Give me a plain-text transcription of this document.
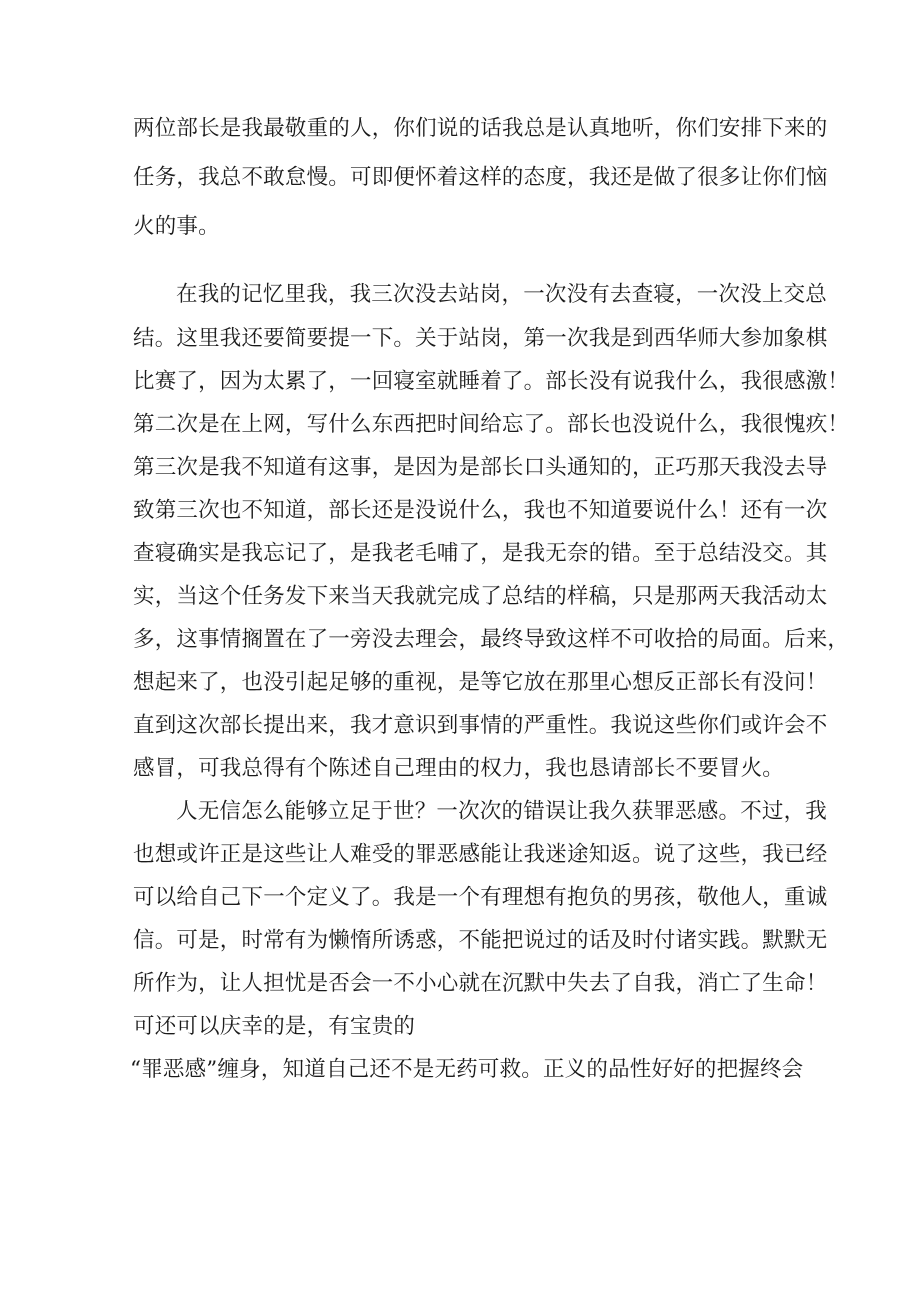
两位部长是我最敬重的人，你们说的话我总是认真地听，你们安排下来的

任务，我总不敢怠慢。可即便怀着这样的态度，我还是做了很多让你们恼

火的事。

在我的记忆里我，我三次没去站岗，一次没有去查寝，一次没上交总

结。这里我还要简要提一下。关于站岗，第一次我是到西华师大参加象棋

比赛了，因为太累了，一回寝室就睡着了。部长没有说我什么，我很感激！

第二次是在上网，写什么东西把时间给忘了。部长也没说什么，我很愧疚！

第三次是我不知道有这事，是因为是部长口头通知的，正巧那天我没去导

致第三次也不知道，部长还是没说什么，我也不知道要说什么！还有一次

查寝确实是我忘记了，是我老毛哺了，是我无奈的错。至于总结没交。其

实，当这个任务发下来当天我就完成了总结的样稿，只是那两天我活动太

多，这事情搁置在了一旁没去理会，最终导致这样不可收拾的局面。后来，

想起来了，也没引起足够的重视，是等它放在那里心想反正部长有没问！

直到这次部长提出来，我才意识到事情的严重性。我说这些你们或许会不

感冒，可我总得有个陈述自己理由的权力，我也恳请部长不要冒火。

人无信怎么能够立足于世？一次次的错误让我久获罪恶感。不过，我

也想或许正是这些让人难受的罪恶感能让我迷途知返。说了这些，我已经

可以给自己下一个定义了。我是一个有理想有抱负的男孩，敬他人，重诚

信。可是，时常有为懒惰所诱惑，不能把说过的话及时付诸实践。默默无

所作为，让人担忧是否会一不小心就在沉默中失去了自我，消亡了生命！

可还可以庆幸的是，有宝贵的

“罪恶感”缠身，知道自己还不是无药可救。正义的品性好好的把握终会
